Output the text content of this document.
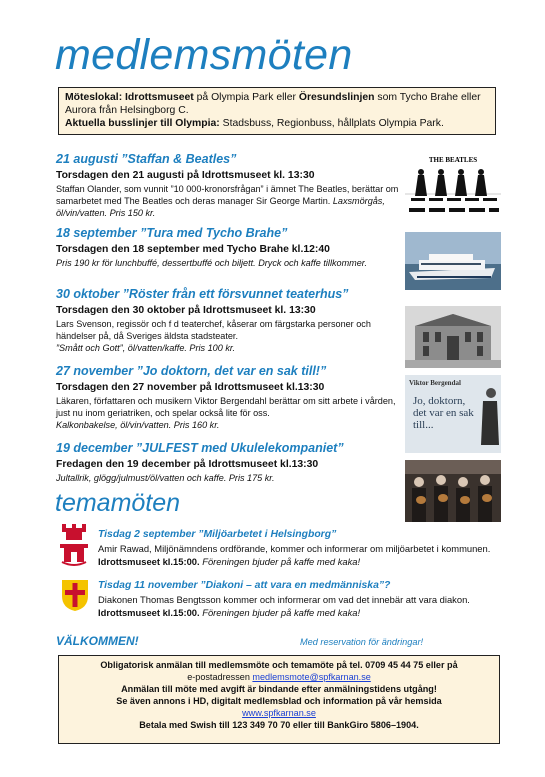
medlemsmöten
Möteslokal: Idrottsmuseet på Olympia Park eller Öresundslinjen som Tycho Brahe eller Aurora från Helsingborg C.
Aktuella busslinjer till Olympia: Stadsbuss, Regionbuss, hållplats Olympia Park.
21 augusti ”Staffan & Beatles”
Torsdagen den 21 augusti på Idrottsmuseet kl. 13:30
Staffan Olander, som vunnit ”10 000-kronorsfrågan” i ämnet The Beatles, berättar om samarbetet med The Beatles och deras manager Sir George Martin. Laxsmörgås, öl/vin/vatten. Pris 150 kr.
18 september ”Tura med Tycho Brahe”
Torsdagen den 18 september med Tycho Brahe kl.12:40
Pris 190 kr för lunchbuffé, dessertbuffé och biljett. Dryck och kaffe tillkommer.
30 oktober ”Röster från ett försvunnet teaterhus”
Torsdagen den 30 oktober på Idrottsmuseet kl. 13:30
Lars Svenson, regissör och f d teaterchef, kåserar om färgstarka personer och händelser på, då Sveriges äldsta stadsteater.
”Smått och Gott”, öl/vatten/kaffe. Pris 100 kr.
27 november ”Jo doktorn, det var en sak till!”
Torsdagen den 27 november på Idrottsmuseet kl.13:30
Läkaren, författaren och musikern Viktor Bergendahl berättar om sitt arbete i vården, just nu inom geriatriken, och spelar också lite för oss.
Kalkonbakelse, öl/vin/vatten. Pris 160 kr.
19 december ”JULFEST med Ukulelekompaniet”
Fredagen den 19 december på Idrottsmuseet kl.13:30
Jultallrik, glögg/julmust/öl/vatten och kaffe. Pris 175 kr.
THE BEATLES
Viktor Bergendal
Jo, doktorn, det var en sak till...
temamöten
Tisdag 2 september ”Miljöarbetet i Helsingborg”
Amir Rawad, Miljönämndens ordförande, kommer och informerar om miljöarbetet i kommunen. Idrottsmuseet kl.15:00. Föreningen bjuder på kaffe med kaka!
Tisdag 11 november ”Diakoni – att vara en medmänniska”?
Diakonen Thomas Bengtsson kommer och informerar om vad det innebär att vara diakon. Idrottsmuseet kl.15:00. Föreningen bjuder på kaffe med kaka!
VÄLKOMMEN!	Med reservation för ändringar!
Obligatorisk anmälan till medlemsmöte och temamöte på tel. 0709 45 44 75 eller på
e-postadressen medlemsmote@spfkarnan.se
Anmälan till möte med avgift är bindande efter anmälningstidens utgång!
Se även annons i HD, digitalt medlemsblad och information på vår hemsida
www.spfkarnan.se
Betala med Swish till 123 349 70 70 eller till BankGiro 5806–1904.
